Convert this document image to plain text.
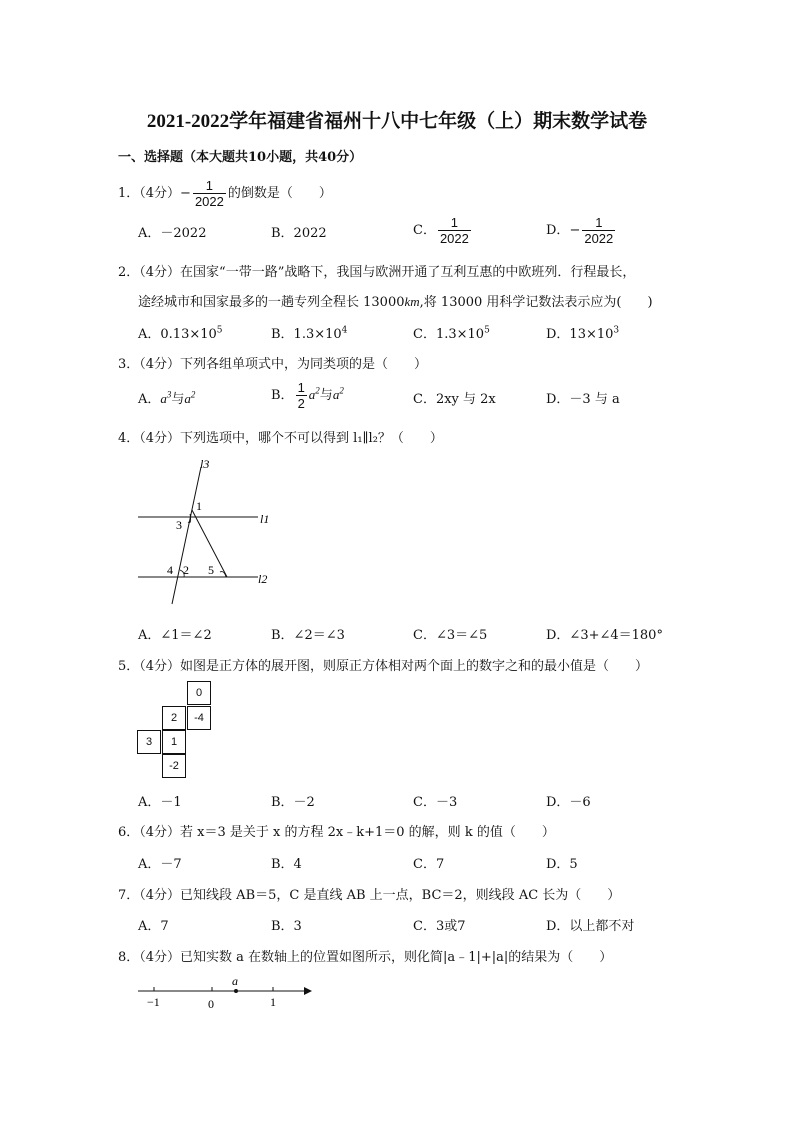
2021-2022学年福建省福州十八中七年级（上）期末数学试卷
一、选择题（本大题共10小题，共40分）
1．（4分）− $\frac{1}{2022}$ 的倒数是（　　）
A．－2022	B．2022	C． $\frac{1}{2022}$	D．− $\frac{1}{2022}$
2．（4分）在国家“一带一路”战略下，我国与欧洲开通了互利互惠的中欧班列．行程最长，
途经城市和国家最多的一趟专列全程长 13000km,将 13000 用科学记数法表示应为(　　)
A．$0.13\times 10^5$	B．$1.3\times 10^4$	C．$1.3\times 10^5$	D．$13\times 10^3$
3．（4分）下列各组单项式中，为同类项的是（　　）
A．$a^3$与$a^2$	B． $\frac{1}{2} a^2$与$a^2$
C．2xy 与 2x	D．－3 与 a
4．（4分）下列选项中，哪个不可以得到 l₁∥l₂？（　　）
l3
l1
l2
1
3
4 2 5
A．∠1＝∠2	B．∠2＝∠3	C．∠3＝∠5	D．∠3+∠4＝180°
5．（4分）如图是正方体的展开图，则原正方体相对两个面上的数字之和的最小值是（　　）
0
2	-4
3	1
-2
A．－1	B．－2	C．－3	D．－6
6．（4分）若 x＝3 是关于 x 的方程 2x﹣k+1＝0 的解，则 k 的值（　　）
A．－7	B．4	C．7	D．5
7．（4分）已知线段 AB＝5，C 是直线 AB 上一点，BC＝2，则线段 AC 长为（　　）
A．7	B．3	C．3或7	D．以上都不对
8．（4分）已知实数 a 在数轴上的位置如图所示，则化简|a﹣1|+|a|的结果为（　　）
a
−1	0	1
